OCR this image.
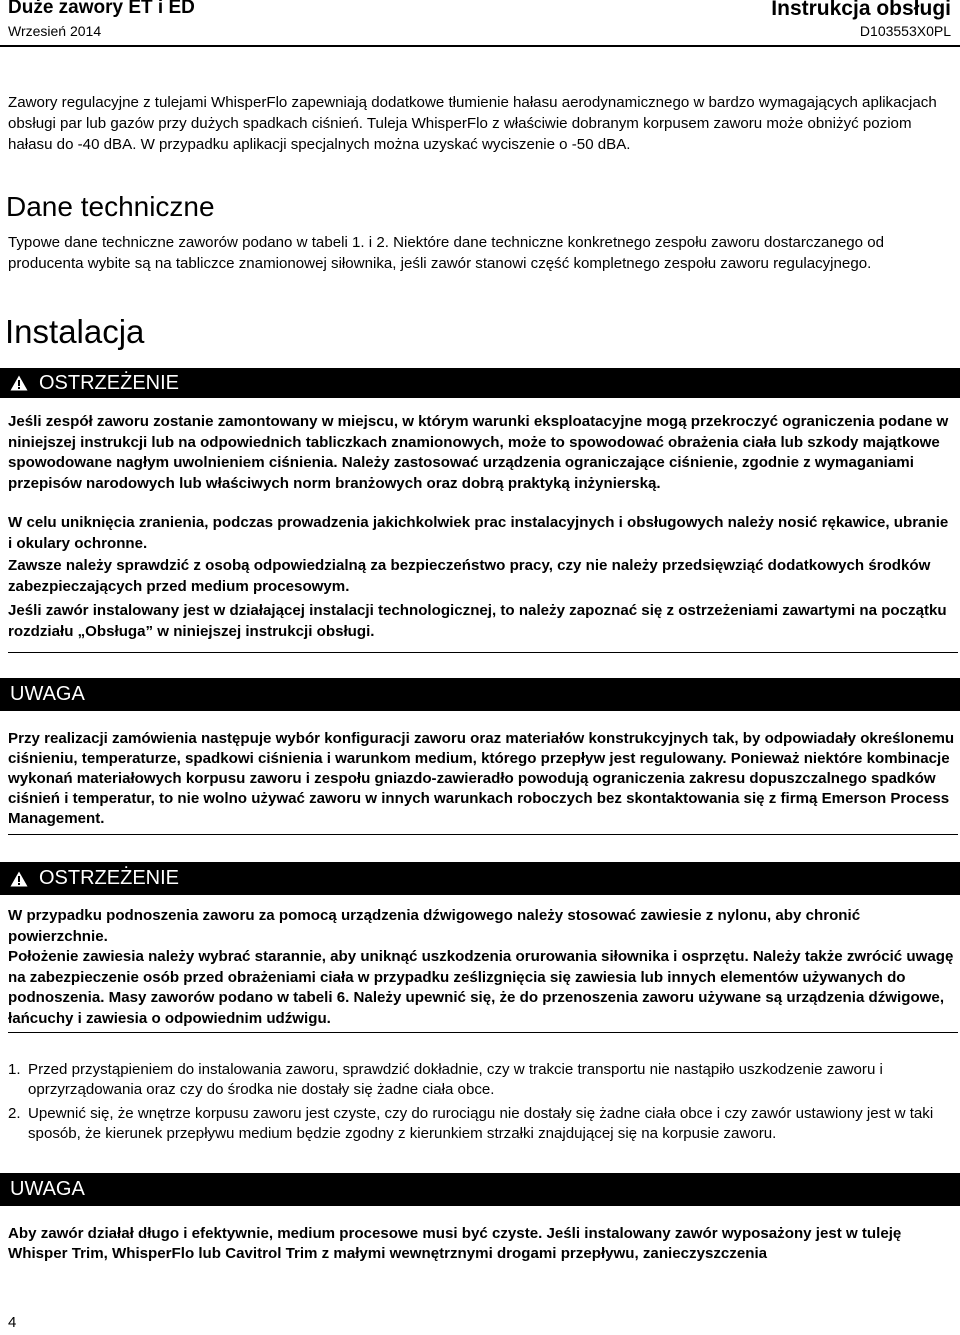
Duże zawory ET i ED
Wrzesień 2014
Instrukcja obsługi
D103553X0PL

Zawory regulacyjne z tulejami WhisperFlo zapewniają dodatkowe tłumienie hałasu aerodynamicznego w bardzo wymagających aplikacjach obsługi par lub gazów przy dużych spadkach ciśnień. Tuleja WhisperFlo z właściwie dobranym korpusem zaworu może obniżyć poziom hałasu do -40 dBA. W przypadku aplikacji specjalnych można uzyskać wyciszenie o -50 dBA.

Dane techniczne

Typowe dane techniczne zaworów podano w tabeli 1. i 2. Niektóre dane techniczne konkretnego zespołu zaworu dostarczanego od producenta wybite są na tabliczce znamionowej siłownika, jeśli zawór stanowi część kompletnego zespołu zaworu regulacyjnego.

Instalacja
OSTRZEŻENIE

Jeśli zespół zaworu zostanie zamontowany w miejscu, w którym warunki eksploatacyjne mogą przekroczyć ograniczenia podane w niniejszej instrukcji lub na odpowiednich tabliczkach znamionowych, może to spowodować obrażenia ciała lub szkody majątkowe spowodowane nagłym uwolnieniem ciśnienia. Należy zastosować urządzenia ograniczające ciśnienie, zgodnie z wymaganiami przepisów narodowych lub właściwych norm branżowych oraz dobrą praktyką inżynierską.

W celu uniknięcia zranienia, podczas prowadzenia jakichkolwiek prac instalacyjnych i obsługowych należy nosić rękawice, ubranie i okulary ochronne.

Zawsze należy sprawdzić z osobą odpowiedzialną za bezpieczeństwo pracy, czy nie należy przedsięwziąć dodatkowych środków zabezpieczających przed medium procesowym.

Jeśli zawór instalowany jest w działającej instalacji technologicznej, to należy zapoznać się z ostrzeżeniami zawartymi na początku rozdziału „Obsługa” w niniejszej instrukcji obsługi.

UWAGA

Przy realizacji zamówienia następuje wybór konfiguracji zaworu oraz materiałów konstrukcyjnych tak, by odpowiadały określonemu ciśnieniu, temperaturze, spadkowi ciśnienia i warunkom medium, którego przepływ jest regulowany. Ponieważ niektóre kombinacje wykonań materiałowych korpusu zaworu i zespołu gniazdo-zawieradło powodują ograniczenia zakresu dopuszczalnego spadków ciśnień i temperatur, to nie wolno używać zaworu w innych warunkach roboczych bez skontaktowania się z firmą Emerson Process Management.

OSTRZEŻENIE

W przypadku podnoszenia zaworu za pomocą urządzenia dźwigowego należy stosować zawiesie z nylonu, aby chronić powierzchnie.

Położenie zawiesia należy wybrać starannie, aby uniknąć uszkodzenia orurowania siłownika i osprzętu. Należy także zwrócić uwagę na zabezpieczenie osób przed obrażeniami ciała w przypadku ześlizgnięcia się zawiesia lub innych elementów używanych do podnoszenia. Masy zaworów podano w tabeli 6. Należy upewnić się, że do przenoszenia zaworu używane są urządzenia dźwigowe, łańcuchy i zawiesia o odpowiednim udźwigu.

1. Przed przystąpieniem do instalowania zaworu, sprawdzić dokładnie, czy w trakcie transportu nie nastąpiło uszkodzenie zaworu i oprzyrządowania oraz czy do środka nie dostały się żadne ciała obce.
2. Upewnić się, że wnętrze korpusu zaworu jest czyste, czy do rurociągu nie dostały się żadne ciała obce i czy zawór ustawiony jest w taki sposób, że kierunek przepływu medium będzie zgodny z kierunkiem strzałki znajdującej się na korpusie zaworu.
UWAGA

Aby zawór działał długo i efektywnie, medium procesowe musi być czyste. Jeśli instalowany zawór wyposażony jest w tuleję Whisper Trim, WhisperFlo lub Cavitrol Trim z małymi wewnętrznymi drogami przepływu, zanieczyszczenia

4
